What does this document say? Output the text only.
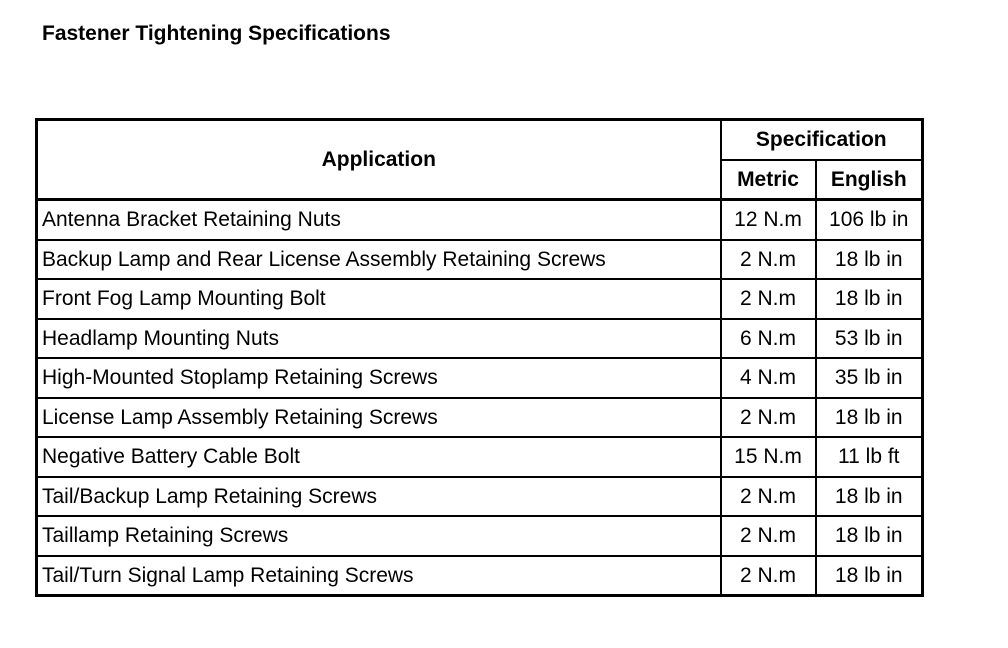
Fastener Tightening Specifications
Application	Specification	
	Metric	English
Antenna Bracket Retaining Nuts	12 N.m	106 lb in
Backup Lamp and Rear License Assembly Retaining Screws	2 N.m	18 lb in
Front Fog Lamp Mounting Bolt	2 N.m	18 lb in
Headlamp Mounting Nuts	6 N.m	53 lb in
High-Mounted Stoplamp Retaining Screws	4 N.m	35 lb in
License Lamp Assembly Retaining Screws	2 N.m	18 lb in
Negative Battery Cable Bolt	15 N.m	11 lb ft
Tail/Backup Lamp Retaining Screws	2 N.m	18 lb in
Taillamp Retaining Screws	2 N.m	18 lb in
Tail/Turn Signal Lamp Retaining Screws	2 N.m	18 lb in
